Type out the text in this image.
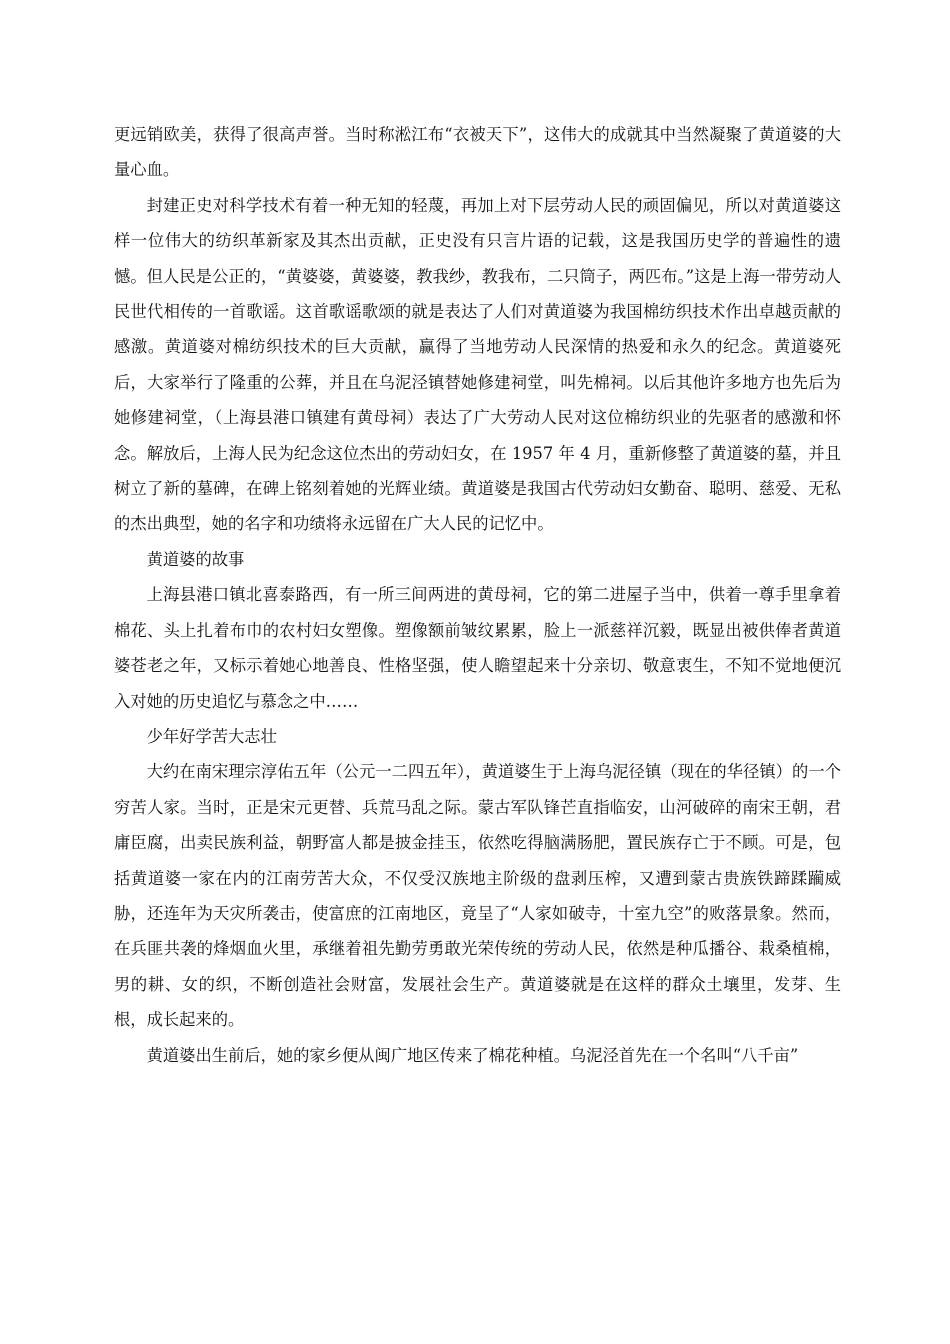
更远销欧美，获得了很高声誉。当时称淞江布“衣被天下”，这伟大的成就其中当然凝聚了黄道婆的大量心血。

封建正史对科学技术有着一种无知的轻蔑，再加上对下层劳动人民的顽固偏见，所以对黄道婆这样一位伟大的纺织革新家及其杰出贡献，正史没有只言片语的记载，这是我国历史学的普遍性的遗憾。但人民是公正的，“黄婆婆，黄婆婆，教我纱，教我布，二只筒子，两匹布。”这是上海一带劳动人民世代相传的一首歌谣。这首歌谣歌颂的就是表达了人们对黄道婆为我国棉纺织技术作出卓越贡献的感激。黄道婆对棉纺织技术的巨大贡献，赢得了当地劳动人民深情的热爱和永久的纪念。黄道婆死后，大家举行了隆重的公葬，并且在乌泥泾镇替她修建祠堂，叫先棉祠。以后其他许多地方也先后为她修建祠堂，（上海县港口镇建有黄母祠）表达了广大劳动人民对这位棉纺织业的先驱者的感激和怀念。解放后，上海人民为纪念这位杰出的劳动妇女，在 1957 年 4 月，重新修整了黄道婆的墓，并且树立了新的墓碑，在碑上铭刻着她的光辉业绩。黄道婆是我国古代劳动妇女勤奋、聪明、慈爱、无私的杰出典型，她的名字和功绩将永远留在广大人民的记忆中。

黄道婆的故事

上海县港口镇北喜泰路西，有一所三间两进的黄母祠，它的第二进屋子当中，供着一尊手里拿着棉花、头上扎着布巾的农村妇女塑像。塑像额前皱纹累累，脸上一派慈祥沉毅，既显出被供俸者黄道婆苍老之年，又标示着她心地善良、性格坚强，使人瞻望起来十分亲切、敬意衷生，不知不觉地便沉入对她的历史追忆与慕念之中……

少年好学苦大志壮

大约在南宋理宗淳佑五年（公元一二四五年），黄道婆生于上海乌泥径镇（现在的华径镇）的一个穷苦人家。当时，正是宋元更替、兵荒马乱之际。蒙古军队锋芒直指临安，山河破碎的南宋王朝，君庸臣腐，出卖民族利益，朝野富人都是披金挂玉，依然吃得脑满肠肥，置民族存亡于不顾。可是，包括黄道婆一家在内的江南劳苦大众，不仅受汉族地主阶级的盘剥压榨，又遭到蒙古贵族铁蹄蹂躏威胁，还连年为天灾所袭击，使富庶的江南地区，竟呈了“人家如破寺，十室九空”的败落景象。然而，在兵匪共袭的烽烟血火里，承继着祖先勤劳勇敢光荣传统的劳动人民，依然是种瓜播谷、栽桑植棉，男的耕、女的织，不断创造社会财富，发展社会生产。黄道婆就是在这样的群众土壤里，发芽、生根，成长起来的。

黄道婆出生前后，她的家乡便从闽广地区传来了棉花种植。乌泥泾首先在一个名叫“八千亩”
